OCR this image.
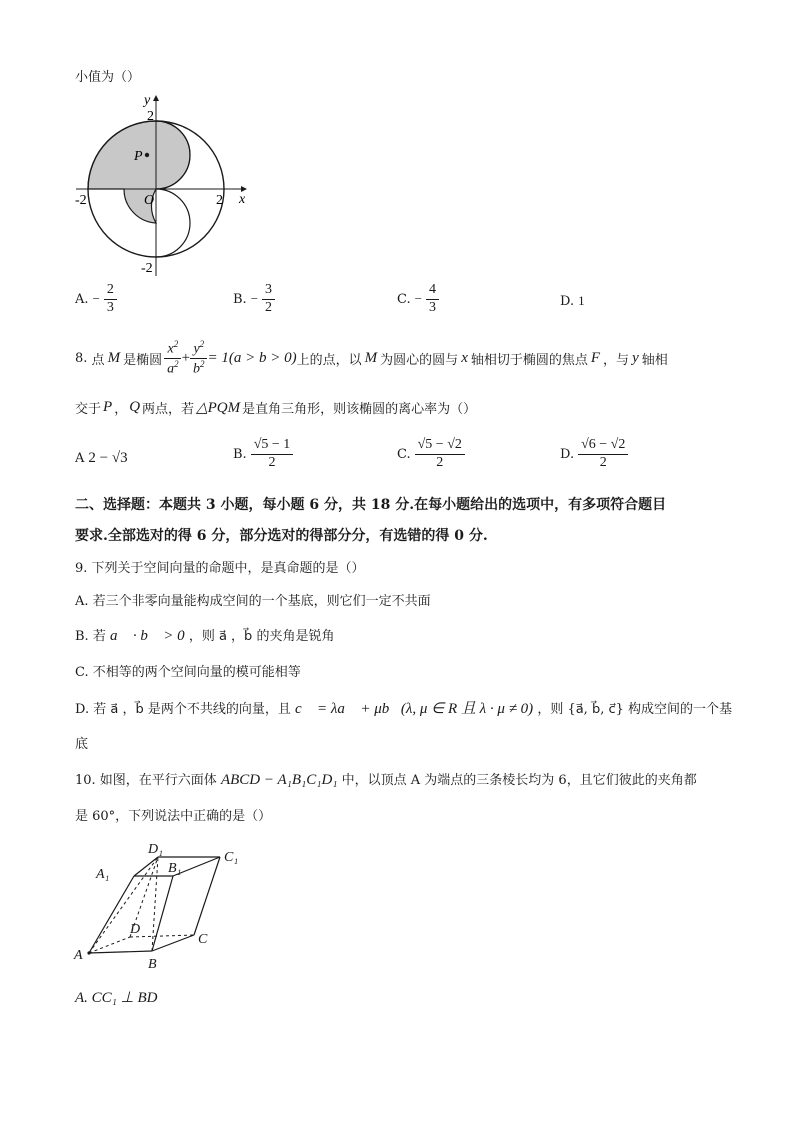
小值为（）
y
x
2
2
-2
-2
O
P
A. − $\frac{2}{3}$	B. − $\frac{3}{2}$	C. − $\frac{4}{3}$	D. 1
8.
点 M 是椭圆 $\frac{x^2}{a^2} + \frac{y^2}{b^2} = 1(a > b > 0)$ 上的点，以 M 为圆心的圆与 x 轴相切于椭圆的焦点 F ，与 y 轴相
交于 P ， Q 两点，若 △PQM 是直角三角形，则该椭圆的离心率为（）
A 2 − √3	B. $\frac{√5 - 1}{2}$	C. $\frac{√5 - √2}{2}$	D. $\frac{√6 - √2}{2}$
二、选择题：本题共 3 小题，每小题 6 分，共 18 分.在每小题给出的选项中，有多项符合题目
要求.全部选对的得 6 分，部分选对的得部分分，有选错的得 0 分.
9. 下列关于空间向量的命题中，是真命题的是（）
A. 若三个非零向量能构成空间的一个基底，则它们一定不共面
B. 若 a⃗ · b⃗ > 0 ，则 a⃗ ，b⃗ 的夹角是锐角
C. 不相等的两个空间向量的模可能相等
D. 若 a⃗ ，b⃗ 是两个不共线的向量，且 c⃗ = λa⃗ + μb⃗(λ, μ ∈ R 且 λ · μ ≠ 0) ，则 {a⃗, b⃗, c⃗} 构成空间的一个基
底
10. 如图，在平行六面体 ABCD − A₁B₁C₁D₁ 中，以顶点 A 为端点的三条棱长均为 6，且它们彼此的夹角都
是 60°，下列说法中正确的是（）
D₁
B₁
C₁
A₁
D
C
A
B
A. CC₁ ⊥ BD
